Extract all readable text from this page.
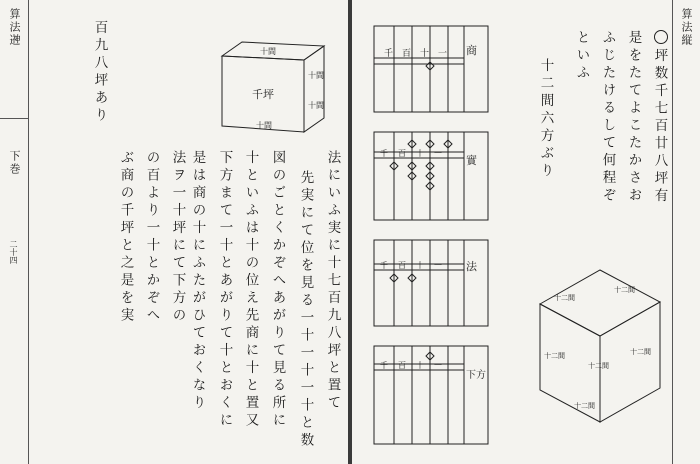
算法𨕫
下巻
二十四	法にいふ実に十七百九八坪と置て
先実にて位を見る一十一十一十と数
図のごとくかぞへあがりて見る所に
十といふは十の位え先商に十と置又
下方まて一十とあがりて十とおくに
是は商の十にふたがひておくなり
法ヲ一十坪にて下方の
の百より一十とかぞへ
ぶ商の千坪と之是を実
百九八坪あり	十間
千坪
十間
十間
十間
算法縦
坪数千七百廿八坪有
是をたてよこたかさお
ふじたけるして何程ぞ
といふ
十二間六方ぶり
商
千 百 十 一
實
千 百 十 一
法
千 百 十 一
下方
千 百 十 一
十二間
十二間
十二間
十二間
十二間
十二間
